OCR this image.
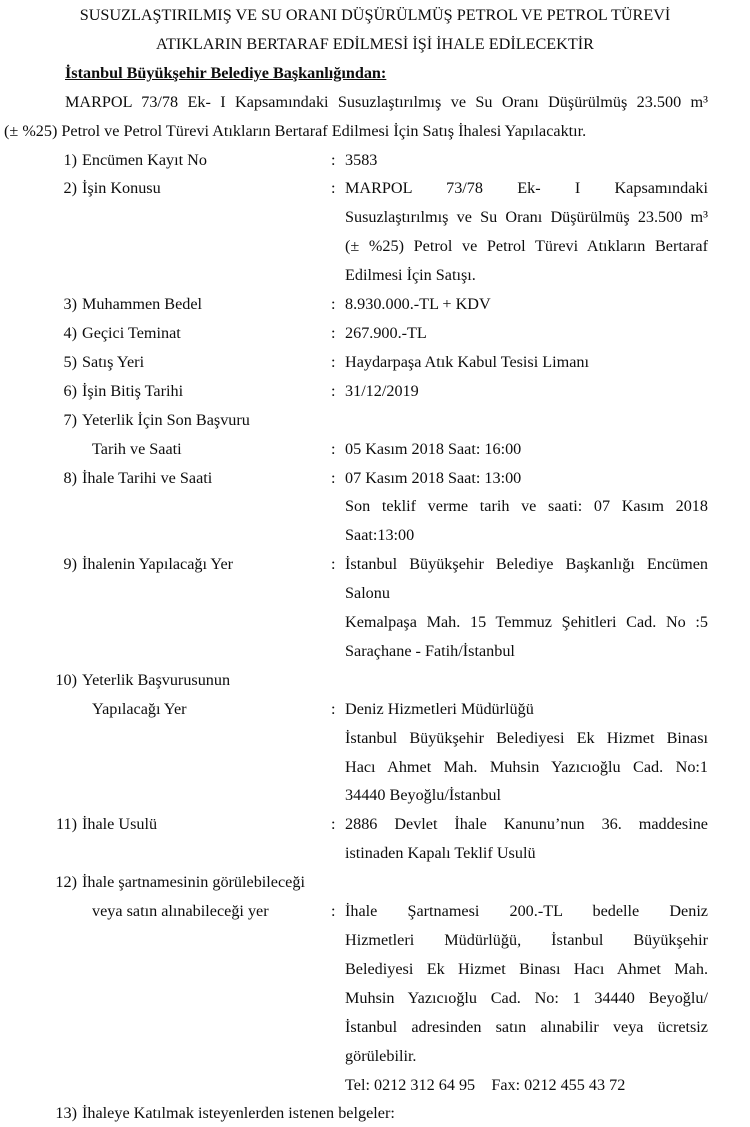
SUSUZLAŞTIRILMIŞ VE SU ORANI DÜŞÜRÜLMÜŞ PETROL VE PETROL TÜREVİ
ATIKLARIN BERTARAF EDİLMESİ İŞİ İHALE EDİLECEKTİR
İstanbul Büyükşehir Belediye Başkanlığından:
MARPOL 73/78 Ek- I Kapsamındaki Susuzlaştırılmış ve Su Oranı Düşürülmüş 23.500 m³
(± %25) Petrol ve Petrol Türevi Atıkların Bertaraf Edilmesi İçin Satış İhalesi Yapılacaktır.
1) Encümen Kayıt No	: 3583
2) İşin Konusu	: MARPOL 73/78 Ek- I Kapsamındaki
Susuzlaştırılmış ve Su Oranı Düşürülmüş 23.500 m³
(± %25) Petrol ve Petrol Türevi Atıkların Bertaraf
Edilmesi İçin Satışı.
3) Muhammen Bedel	: 8.930.000.-TL + KDV
4) Geçici Teminat	: 267.900.-TL
5) Satış Yeri	: Haydarpaşa Atık Kabul Tesisi Limanı
6) İşin Bitiş Tarihi	: 31/12/2019
7) Yeterlik İçin Son Başvuru
Tarih ve Saati	: 05 Kasım 2018 Saat: 16:00
8) İhale Tarihi ve Saati	: 07 Kasım 2018 Saat: 13:00
Son teklif verme tarih ve saati: 07 Kasım 2018
Saat:13:00
9) İhalenin Yapılacağı Yer	: İstanbul Büyükşehir Belediye Başkanlığı Encümen
Salonu
Kemalpaşa Mah. 15 Temmuz Şehitleri Cad. No :5
Saraçhane - Fatih/İstanbul
10) Yeterlik Başvurusunun
Yapılacağı Yer	: Deniz Hizmetleri Müdürlüğü
İstanbul Büyükşehir Belediyesi Ek Hizmet Binası
Hacı Ahmet Mah. Muhsin Yazıcıoğlu Cad. No:1
34440 Beyoğlu/İstanbul
11) İhale Usulü	: 2886 Devlet İhale Kanunu’nun 36. maddesine
istinaden Kapalı Teklif Usulü
12) İhale şartnamesinin görülebileceği
veya satın alınabileceği yer	: İhale Şartnamesi 200.-TL bedelle Deniz
Hizmetleri Müdürlüğü, İstanbul Büyükşehir
Belediyesi Ek Hizmet Binası Hacı Ahmet Mah.
Muhsin Yazıcıoğlu Cad. No: 1 34440 Beyoğlu/
İstanbul adresinden satın alınabilir veya ücretsiz
görülebilir.
Tel: 0212 312 64 95    Fax: 0212 455 43 72
13) İhaleye Katılmak isteyenlerden istenen belgeler:
